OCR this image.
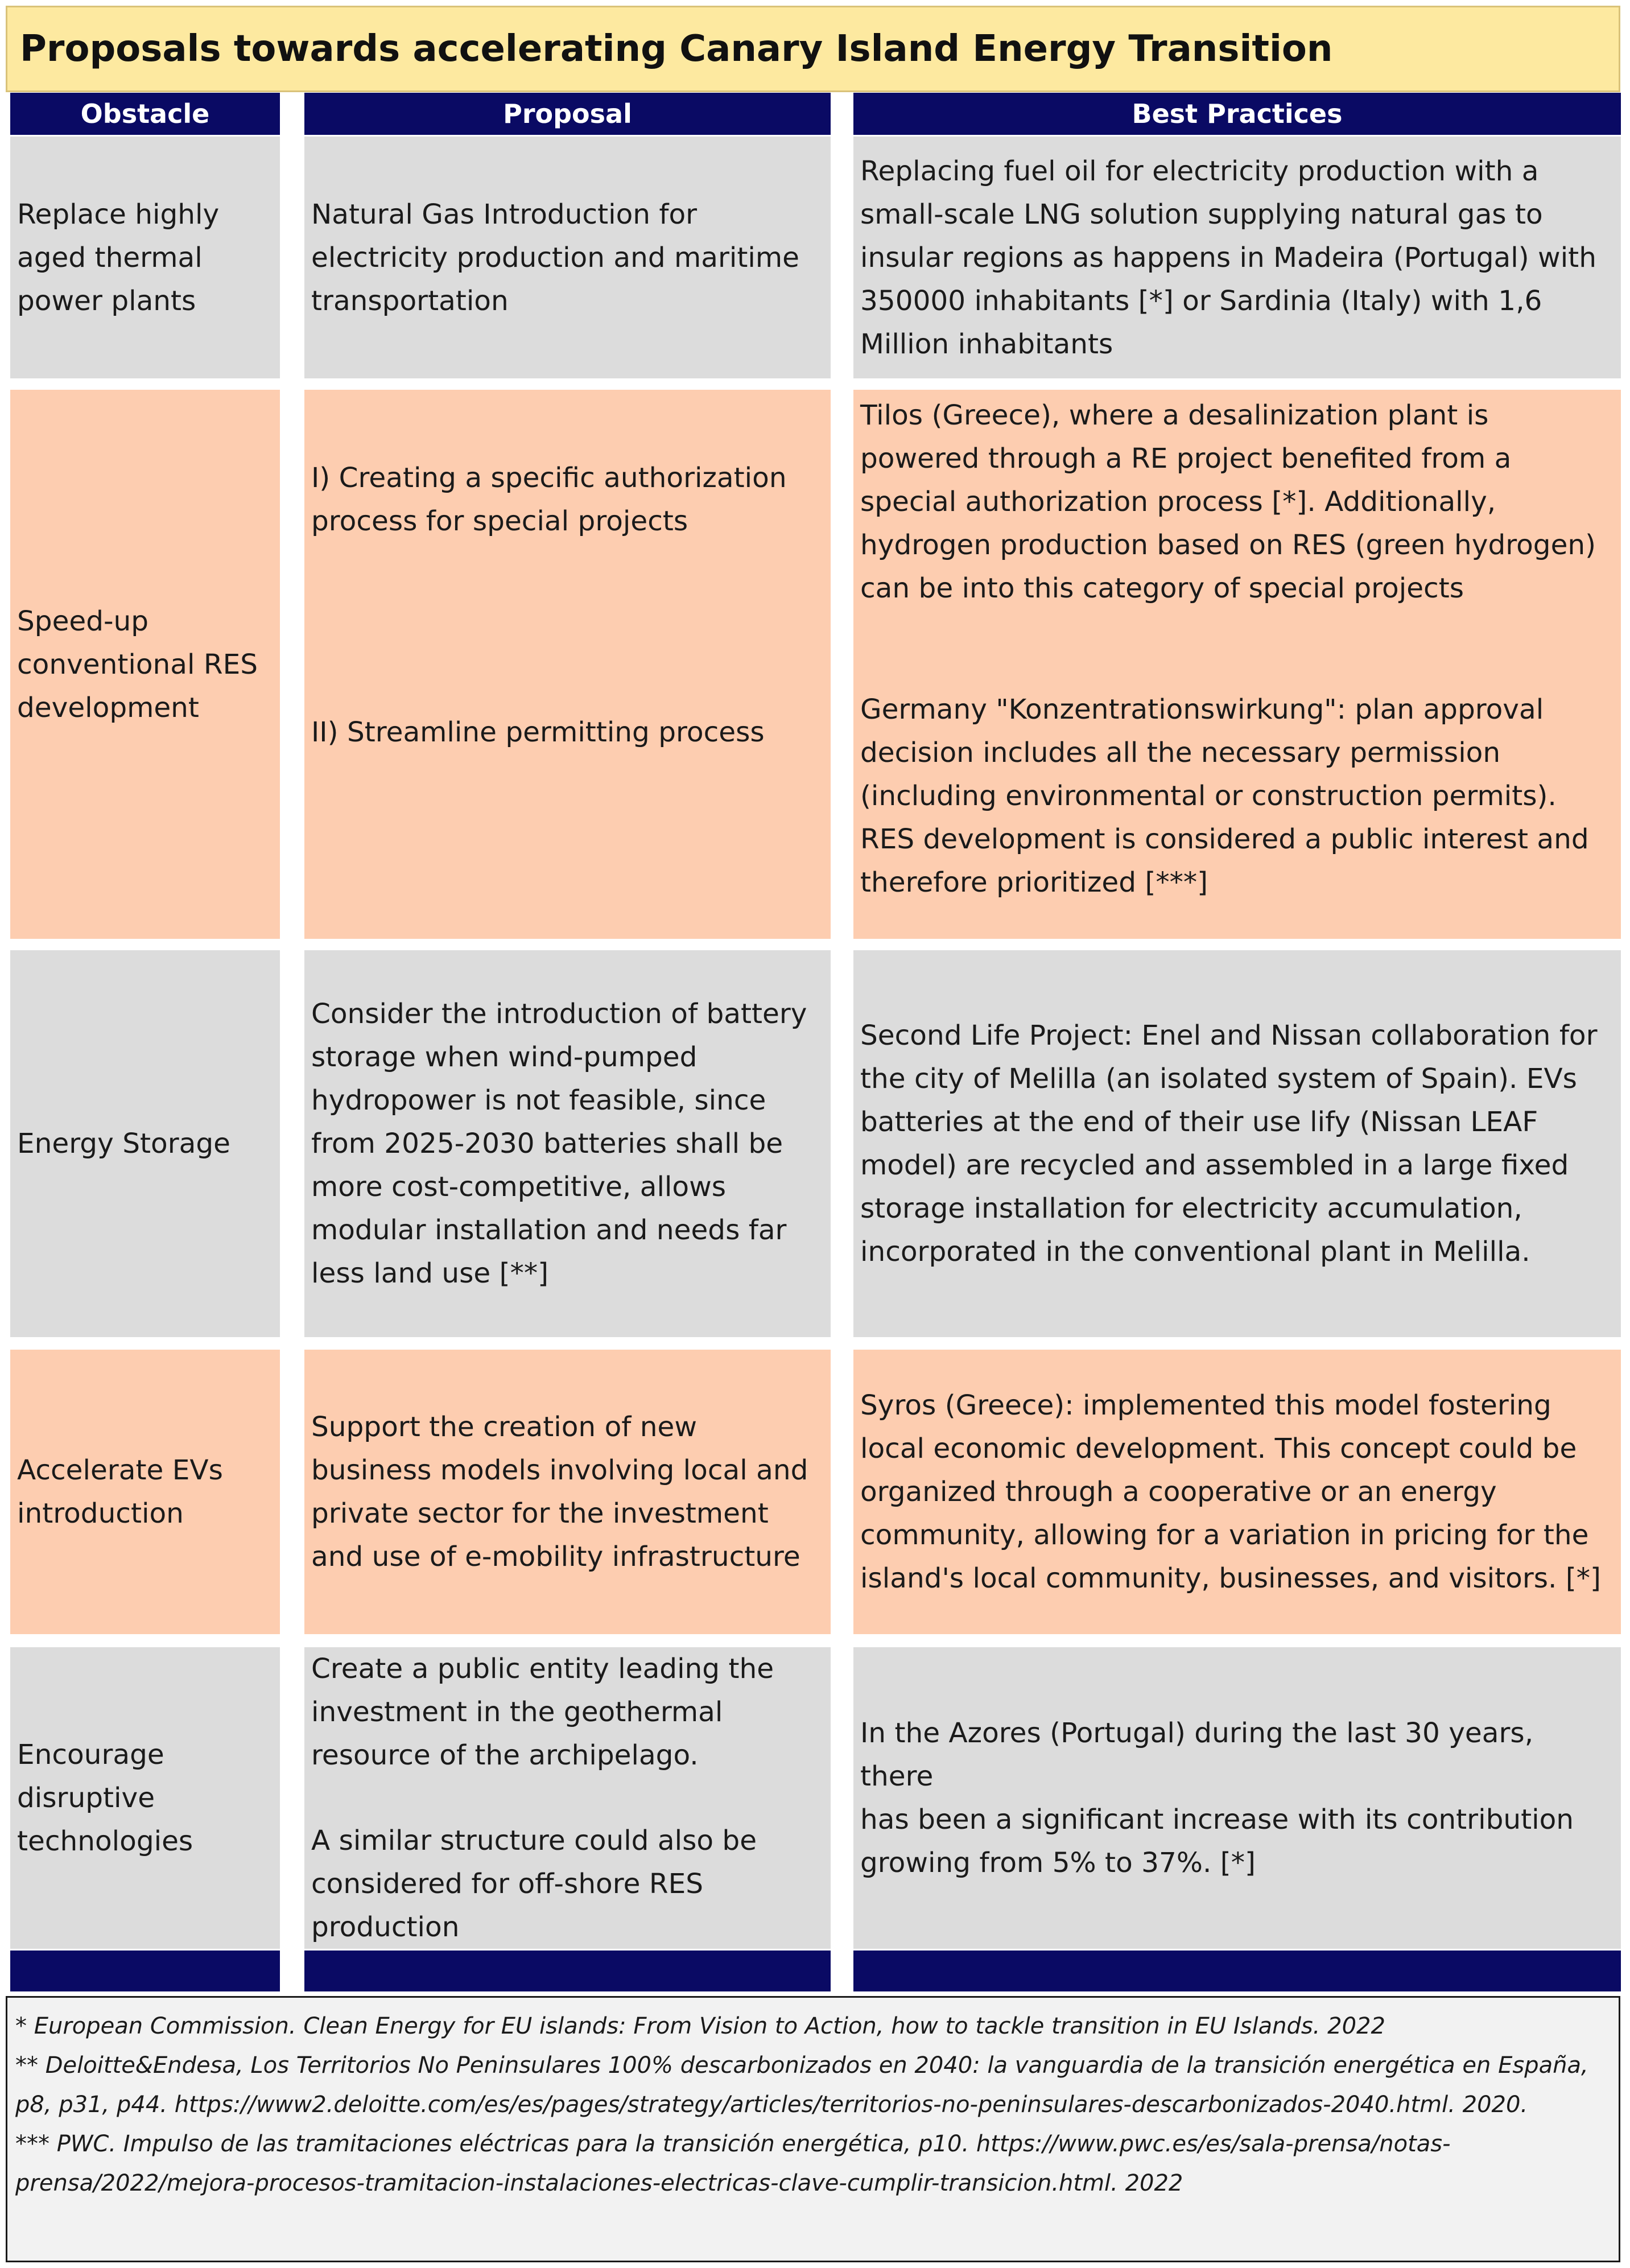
Proposals towards accelerating Canary Island Energy Transition
Obstacle	Proposal	Best Practices

Replace highly
aged thermal
power plants

Natural Gas Introduction for
electricity production and maritime
transportation

Replacing fuel oil for electricity production with a
small-scale LNG solution supplying natural gas to
insular regions as happens in Madeira (Portugal) with
350000 inhabitants [*] or Sardinia (Italy) with 1,6
Million inhabitants

Speed-up
conventional RES
development

I) Creating a specific authorization
process for special projects

II) Streamline permitting process

Tilos (Greece), where a desalinization plant is
powered through a RE project benefited from a
special authorization process [*]. Additionally,
hydrogen production based on RES (green hydrogen)
can be into this category of special projects

Germany "Konzentrationswirkung": plan approval
decision includes all the necessary permission
(including environmental or construction permits).
RES development is considered a public interest and
therefore prioritized [***]

Energy Storage

Consider the introduction of battery
storage when wind-pumped
hydropower is not feasible, since
from 2025-2030 batteries shall be
more cost-competitive, allows
modular installation and needs far
less land use [**]

Second Life Project: Enel and Nissan collaboration for
the city of Melilla (an isolated system of Spain). EVs
batteries at the end of their use lify (Nissan LEAF
model) are recycled and assembled in a large fixed
storage installation for electricity accumulation,
incorporated in the conventional plant in Melilla.

Accelerate EVs
introduction

Support the creation of new
business models involving local and
private sector for the investment
and use of e-mobility infrastructure

Syros (Greece): implemented this model fostering
local economic development. This concept could be
organized through a cooperative or an energy
community, allowing for a variation in pricing for the
island's local community, businesses, and visitors. [*]

Encourage
disruptive
technologies

Create a public entity leading the
investment in the geothermal
resource of the archipelago.

A similar structure could also be
considered for off-shore RES
production

In the Azores (Portugal) during the last 30 years, there
has been a significant increase with its contribution
growing from 5% to 37%. [*]

* European Commission. Clean Energy for EU islands: From Vision to Action, how to tackle transition in EU Islands. 2022

** Deloitte&Endesa, Los Territorios No Peninsulares 100% descarbonizados en 2040: la vanguardia de la transición energética en España, p8, p31, p44. https://www2.deloitte.com/es/es/pages/strategy/articles/territorios-no-peninsulares-descarbonizados-2040.html. 2020.

*** PWC. Impulso de las tramitaciones eléctricas para la transición energética, p10. https://www.pwc.es/es/sala-prensa/notas-prensa/2022/mejora-procesos-tramitacion-instalaciones-electricas-clave-cumplir-transicion.html. 2022
